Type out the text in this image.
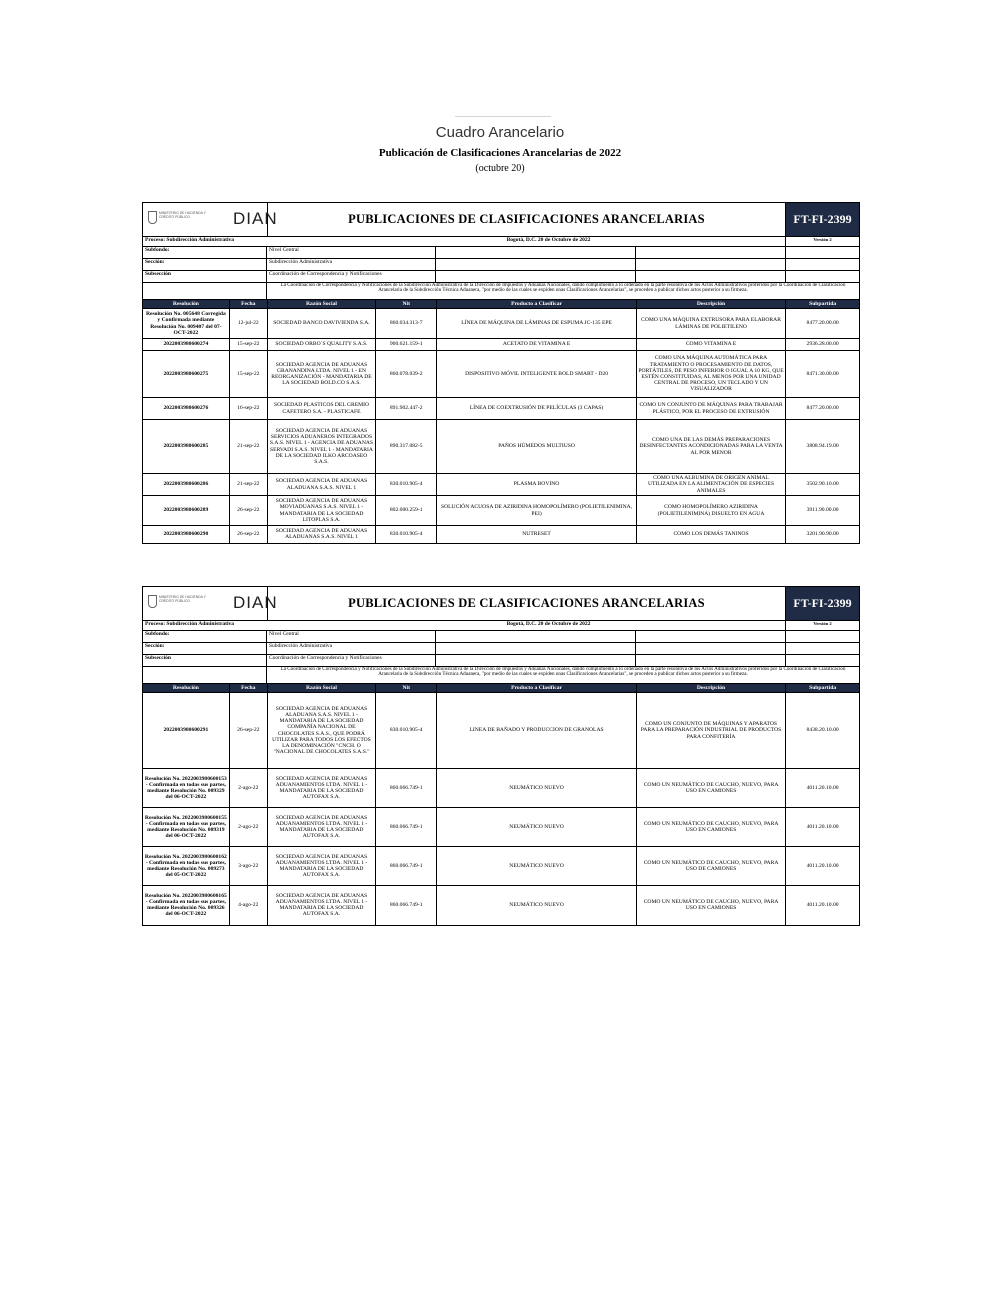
Cuadro Arancelario
Publicación de Clasificaciones Arancelarias de 2022
(octubre 20)
MINISTERIO DE HACIENDA Y
CRÉDITO PÚBLICO	DIAN	PUBLICACIONES DE CLASIFICACIONES ARANCELARIAS	FT-FI-2399
Proceso: Subdirección Administrativa	Bogotá, D.C. 20 de Octubre de 2022	Versión 2
Subfondo:	Nivel Central
Sección:	Subdirección Administrativa
Subsección	Coordinación de Correspondencia y Notificaciones
La Coordinacion de Correspondencia y Notificaciones de la Subdireccion Administrativa de la Dirección de Impuestos y Aduanas Nacionales, dando cumplimiento a lo ordenado en la parte resolutiva de los Actos Administrativos proferidos por la Coordinación de Clasificación Arancelaria de la Subdirección Técnica Aduanera, "por medio de las cuales se expiden unas Clasificaciones Arancelarias", se proceden a publicar dichos actos posterior a su firmeza.
Resolución	Fecha	Razón Social	Nit	Producto a Clasificar	Descripción	Subpartida
Resolución No. 005648 Corregida y Confirmada mediante Resolución No. 009407 del 07-OCT-2022	12-jul-22	SOCIEDAD BANCO DAVIVIENDA S.A.	860.034.313-7	LÍNEA DE MÁQUINA DE LÁMINAS DE ESPUMA JC-135 EPE	COMO UNA MÁQUINA EXTRUSORA PARA ELABORAR LÁMINAS DE POLIETILENO	8477.20.00.00
2022003980600274	15-sep-22	SOCIEDAD ORBO´S QUALITY S.A.S.	900.621.159-1	ACETATO DE VITAMINA E	COMO VITAMINA E	2936.28.00.00
2022003980600275	15-sep-22	SOCIEDAD AGENCIA DE ADUANAS GRANANDINA LTDA. NIVEL 1 - EN REORGANIZACIÓN - MANDATARIA DE LA SOCIEDAD BOLD.CO S.A.S.	860.078.039-2	DISPOSITIVO MÓVIL INTELIGENTE BOLD SMART - D20	COMO UNA MÁQUINA AUTOMÁTICA PARA TRATAMIENTO O PROCESAMIENTO DE DATOS, PORTÁTILES, DE PESO INFERIOR O IGUAL A 10 KG, QUE ESTÉN CONSTITUIDAS, AL MENOS POR UNA UNIDAD CENTRAL DE PROCESO, UN TECLADO Y UN VISUALIZADOR	8471.30.00.00
2022003980600276	16-sep-22	SOCIEDAD PLASTICOS DEL GREMIO CAFETERO S.A. - PLASTICAFE	891.902.447-2	LÍNEA DE COEXTRUSIÓN DE PELÍCULAS (3 CAPAS)	COMO UN CONJUNTO DE MÁQUINAS PARA TRABAJAR PLÁSTICO, POR EL PROCESO DE EXTRUSIÓN	8477.20.00.00
2022003980600285	21-sep-22	SOCIEDAD AGENCIA DE ADUANAS SERVICIOS ADUANEROS INTEGRADOS S.A.S. NIVEL 1 - AGENCIA DE ADUANAS SERVADI S.A.S. NIVEL 1 - MANDATARIA DE LA SOCIEDAD ILKO ARCOASEO S.A.S.	890.317.082-5	PAÑOS HÚMEDOS MULTIUSO	COMO UNA DE LAS DEMÁS PREPARACIONES DESINFECTANTES ACONDICIONADAS PARA LA VENTA AL POR MENOR	3808.94.19.00
2022003980600286	21-sep-22	SOCIEDAD AGENCIA DE ADUANAS ALADUANA S.A.S. NIVEL 1	830.010.905-4	PLASMA BOVINO	COMO UNA ALBUMINA DE ORIGEN ANIMAL UTILIZADA EN LA ALIMENTACIÓN DE ESPECIES ANIMALES	3502.90.10.00
2022003980600289	26-sep-22	SOCIEDAD AGENCIA DE ADUANAS MOVIADUANAS S.A.S. NIVEL 1 - MANDATARIA DE LA SOCIEDAD LITOPLAS S.A.	802.000.259-1	SOLUCIÓN ACUOSA DE AZIRIDINA HOMOPOLÍMERO (POLIETILENIMINA, PEI)	COMO HOMOPOLÍMERO AZIRIDINA (POLIETILENIMINA) DISUELTO EN AGUA	3911.90.00.00
2022003980600290	26-sep-22	SOCIEDAD AGENCIA DE ADUANAS ALADUANAS S.A.S. NIVEL 1	830.010.905-4	NUTRESET	COMO LOS DEMÁS TANINOS	3201.90.90.00
MINISTERIO DE HACIENDA Y
CRÉDITO PÚBLICO	DIAN	PUBLICACIONES DE CLASIFICACIONES ARANCELARIAS	FT-FI-2399
Proceso: Subdirección Administrativa	Bogotá, D.C. 20 de Octubre de 2022	Versión 2
Subfondo:	Nivel Central
Sección:	Subdirección Administrativa
Subsección	Coordinación de Correspondencia y Notificaciones
La Coordinacion de Correspondencia y Notificaciones de la Subdireccion Administrativa de la Dirección de Impuestos y Aduanas Nacionales, dando cumplimiento a lo ordenado en la parte resolutiva de los Actos Administrativos proferidos por la Coordinación de Clasificación Arancelaria de la Subdirección Técnica Aduanera, "por medio de las cuales se expiden unas Clasificaciones Arancelarias", se proceden a publicar dichos actos posterior a su firmeza.
Resolución	Fecha	Razón Social	Nit	Producto a Clasificar	Descripción	Subpartida
2022003980600291	26-sep-22	SOCIEDAD AGENCIA DE ADUANAS ALADUANA S.A.S. NIVEL 1 - MANDATARIA DE LA SOCIEDAD COMPAÑÍA NACIONAL DE CHOCOLATES S.A.S., QUE PODRÁ UTILIZAR PARA TODOS LOS EFECTOS LA DENOMINACIÓN "CNCH. O "NACIONAL DE CHOCOLATES S.A.S."	830.010.905-4	LINEA DE BAÑADO Y PRODUCCION DE GRANOLAS	COMO UN CONJUNTO DE MÁQUINAS Y APARATOS PARA LA PREPARACIÓN INDUSTRIAL DE PRODUCTOS PARA CONFITERÍA	8438.20.10.00
Resolución No. 2022003980600153 - Confirmada en todas sus partes, mediante Resolución No. 009329 del 06-OCT-2022	2-ago-22	SOCIEDAD AGENCIA DE ADUANAS ADUANAMIENTOS LTDA. NIVEL 1 - MANDATARIA DE LA SOCIEDAD AUTOFAX S.A.	860.066.749-1	NEUMÁTICO NUEVO	COMO UN NEUMÁTICO DE CAUCHO, NUEVO, PARA USO EN CAMIONES	4011.20.10.00
Resolución No. 2022003980600155 - Confirmada en todas sus partes, mediante Resolución No. 009319 del 06-OCT-2022	2-ago-22	SOCIEDAD AGENCIA DE ADUANAS ADUANAMIENTOS LTDA. NIVEL 1 - MANDATARIA DE LA SOCIEDAD AUTOFAX S.A.	860.066.749-1	NEUMÁTICO NUEVO	COMO UN NEUMÁTICO DE CAUCHO, NUEVO, PARA USO EN CAMIONES	4011.20.10.00
Resolución No. 2022003980600162 - Confirmada en todas sus partes, mediante Resolución No. 009273 del 05-OCT-2022	3-ago-22	SOCIEDAD AGENCIA DE ADUANAS ADUANAMIENTOS LTDA. NIVEL 1 - MANDATARIA DE LA SOCIEDAD AUTOFAX S.A.	860.066.749-1	NEUMÁTICO NUEVO	COMO UN NEUMÁTICO DE CAUCHO, NUEVO, PARA USO DE CAMIONES	4011.20.10.00
Resolución No. 2022003980600165 - Confirmada en todas sus partes, mediante Resolución No. 009326 del 06-OCT-2022	4-ago-22	SOCIEDAD AGENCIA DE ADUANAS ADUANAMIENTOS LTDA. NIVEL 1 - MANDATARIA DE LA SOCIEDAD AUTOFAX S.A.	860.066.749-1	NEUMÁTICO NUEVO	COMO UN NEUMÁTICO DE CAUCHO, NUEVO, PARA USO EN CAMIONES	4011.20.10.00
